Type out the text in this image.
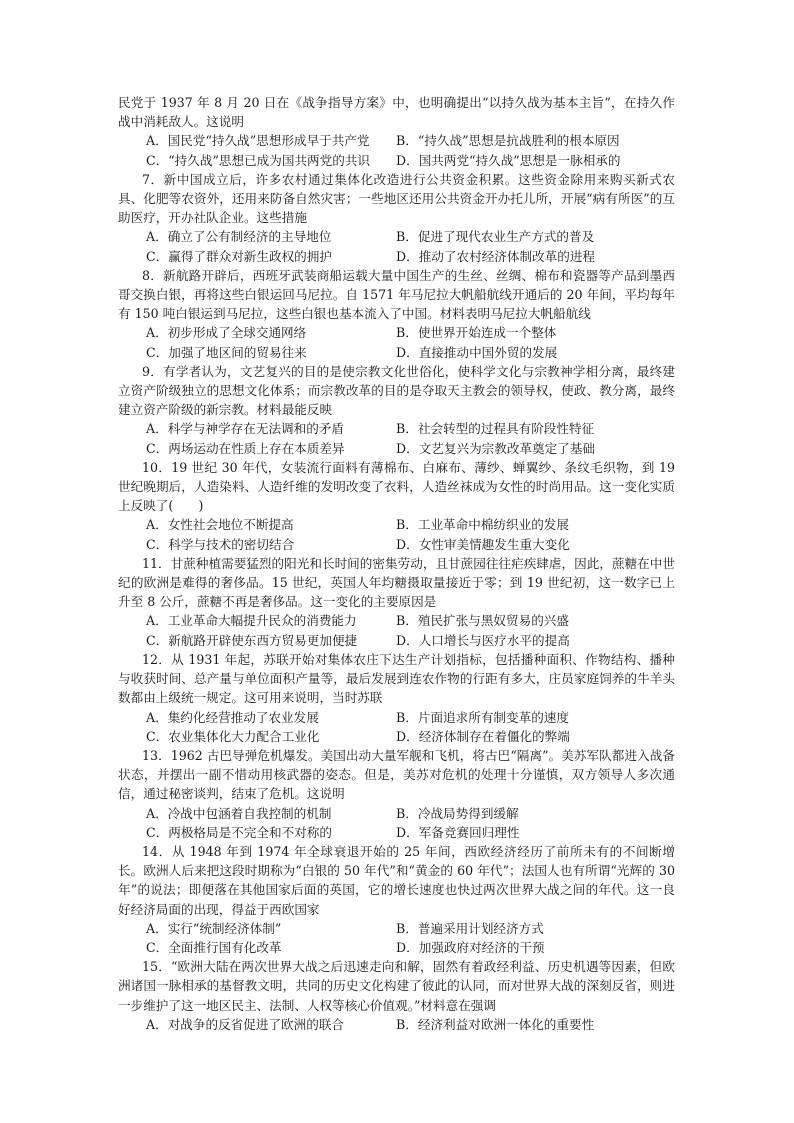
民党于 1937 年 8 月 20 日在《战争指导方案》中，也明确提出“以持久战为基本主旨”，在持久作战中消耗敌人。这说明

A．国民党“持久战”思想形成早于共产党	B．“持久战”思想是抗战胜利的根本原因
C．“持久战”思想已成为国共两党的共识	D．国共两党“持久战”思想是一脉相承的

7．新中国成立后，许多农村通过集体化改造进行公共资金积累。这些资金除用来购买新式农具、化肥等农资外，还用来防备自然灾害；一些地区还用公共资金开办托儿所，开展“病有所医”的互助医疗，开办社队企业。这些措施

A．确立了公有制经济的主导地位	B．促进了现代农业生产方式的普及
C．赢得了群众对新生政权的拥护	D．推动了农村经济体制改革的进程

8．新航路开辟后，西班牙武装商船运载大量中国生产的生丝、丝绸、棉布和瓷器等产品到墨西哥交换白银，再将这些白银运回马尼拉。自 1571 年马尼拉大帆船航线开通后的 20 年间，平均每年有 150 吨白银运到马尼拉，这些白银也基本流入了中国。材料表明马尼拉大帆船航线

A．初步形成了全球交通网络	B．使世界开始连成一个整体
C．加强了地区间的贸易往来	D．直接推动中国外贸的发展

9．有学者认为，文艺复兴的目的是使宗教文化世俗化，使科学文化与宗教神学相分离，最终建立资产阶级独立的思想文化体系；而宗教改革的目的是夺取天主教会的领导权，使政、教分离，最终建立资产阶级的新宗教。材料最能反映

A．科学与神学存在无法调和的矛盾	B．社会转型的过程具有阶段性特征
C．两场运动在性质上存在本质差异	D．文艺复兴为宗教改革奠定了基础

10．19 世纪 30 年代，女装流行面料有薄棉布、白麻布、薄纱、蝉翼纱、条纹毛织物，到 19 世纪晚期后，人造染料、人造纤维的发明改变了衣料，人造丝袜成为女性的时尚用品。这一变化实质上反映了(　　)

A．女性社会地位不断提高	B．工业革命中棉纺织业的发展
C．科学与技术的密切结合	D．女性审美情趣发生重大变化

11．甘蔗种植需要猛烈的阳光和长时间的密集劳动，且甘蔗园往往疟疾肆虐，因此，蔗糖在中世纪的欧洲是难得的奢侈品。15 世纪，英国人年均糖摄取量接近于零；到 19 世纪初，这一数字已上升至 8 公斤，蔗糖不再是奢侈品。这一变化的主要原因是

A．工业革命大幅提升民众的消费能力	B．殖民扩张与黑奴贸易的兴盛
C．新航路开辟使东西方贸易更加便捷	D．人口增长与医疗水平的提高

12．从 1931 年起，苏联开始对集体农庄下达生产计划指标，包括播种面积、作物结构、播种与收获时间、总产量与单位面积产量等，最后发展到连农作物的行距有多大，庄员家庭饲养的牛羊头数都由上级统一规定。这可用来说明，当时苏联

A．集约化经营推动了农业发展	B．片面追求所有制变革的速度
C．农业集体化大力配合工业化	D．经济体制存在着僵化的弊端

13．1962 古巴导弹危机爆发。美国出动大量军舰和飞机，将古巴“隔离”。美苏军队都进入战备状态，并摆出一副不惜动用核武器的姿态。但是，美苏对危机的处理十分谨慎，双方领导人多次通信，通过秘密谈判，结束了危机。这说明

A．冷战中包涵着自我控制的机制	B．冷战局势得到缓解
C．两极格局是不完全和不对称的	D．军备竞赛回归理性

14．从 1948 年到 1974 年全球衰退开始的 25 年间，西欧经济经历了前所未有的不间断增长。欧洲人后来把这段时期称为“白银的 50 年代”和“黄金的 60 年代”；法国人也有所谓“光辉的 30 年”的说法；即便落在其他国家后面的英国，它的增长速度也快过两次世界大战之间的年代。这一良好经济局面的出现，得益于西欧国家

A．实行“统制经济体制”	B．普遍采用计划经济方式
C．全面推行国有化改革	D．加强政府对经济的干预

15．“欧洲大陆在两次世界大战之后迅速走向和解，固然有着政经利益、历史机遇等因素，但欧洲诸国一脉相承的基督教文明，共同的历史文化构建了彼此的认同，而对世界大战的深刻反省，则进一步维护了这一地区民主、法制、人权等核心价值观。”材料意在强调

A．对战争的反省促进了欧洲的联合	B．经济利益对欧洲一体化的重要性
